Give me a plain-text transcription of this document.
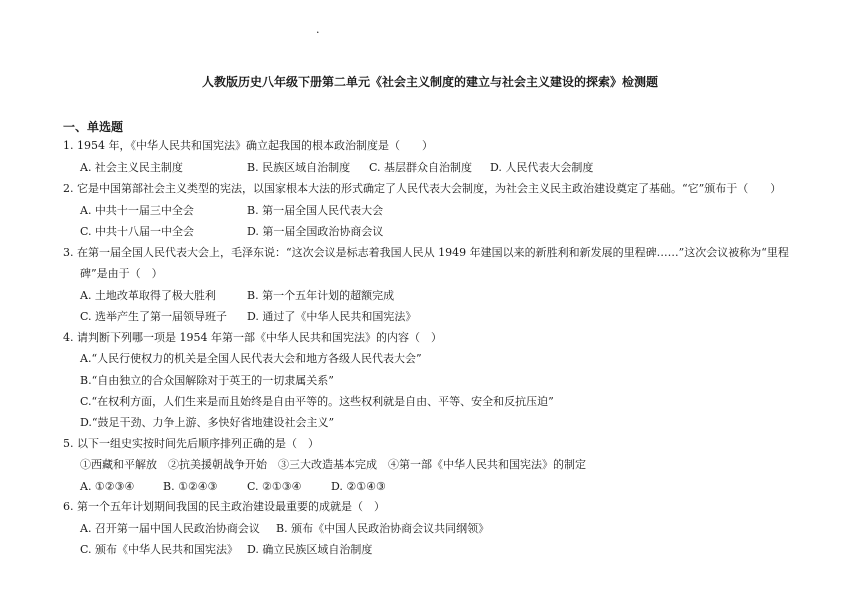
.
人教版历史八年级下册第二单元《社会主义制度的建立与社会主义建设的探索》检测题
一、单选题
1. 1954 年，《中华人民共和国宪法》确立起我国的根本政治制度是（　　）
A. 社会主义民主制度	B. 民族区域自治制度 C. 基层群众自治制度 D. 人民代表大会制度
2. 它是中国第部社会主义类型的宪法，以国家根本大法的形式确定了人民代表大会制度，为社会主义民主政治建设奠定了基础。“它”颁布于（　　）
A. 中共十一届三中全会	B. 第一届全国人民代表大会
C. 中共十八届一中全会	D. 第一届全国政治协商会议
3. 在第一届全国人民代表大会上，毛泽东说：“这次会议是标志着我国人民从 1949 年建国以来的新胜利和新发展的里程碑……”这次会议被称为“里程
碑”是由于（　）
A. 土地改革取得了极大胜利	B. 第一个五年计划的超额完成
C. 选举产生了第一届领导班子 D. 通过了《中华人民共和国宪法》
4. 请判断下列哪一项是 1954 年第一部《中华人民共和国宪法》的内容（　）
A.“人民行使权力的机关是全国人民代表大会和地方各级人民代表大会”
B.“自由独立的合众国解除对于英王的一切隶属关系”
C.“在权利方面，人们生来是而且始终是自由平等的。这些权利就是自由、平等、安全和反抗压迫”
D.“鼓足干劲、力争上游、多快好省地建设社会主义”
5. 以下一组史实按时间先后顺序排列正确的是（　）
①西藏和平解放　②抗美援朝战争开始　③三大改造基本完成　④第一部《中华人民共和国宪法》的制定
A. ①②③④	B. ①②④③	C. ②①③④	D. ②①④③
6. 第一个五年计划期间我国的民主政治建设最重要的成就是（　）
A. 召开第一届中国人民政治协商会议 B. 颁布《中国人民政治协商会议共同纲领》
C. 颁布《中华人民共和国宪法》 D. 确立民族区域自治制度
